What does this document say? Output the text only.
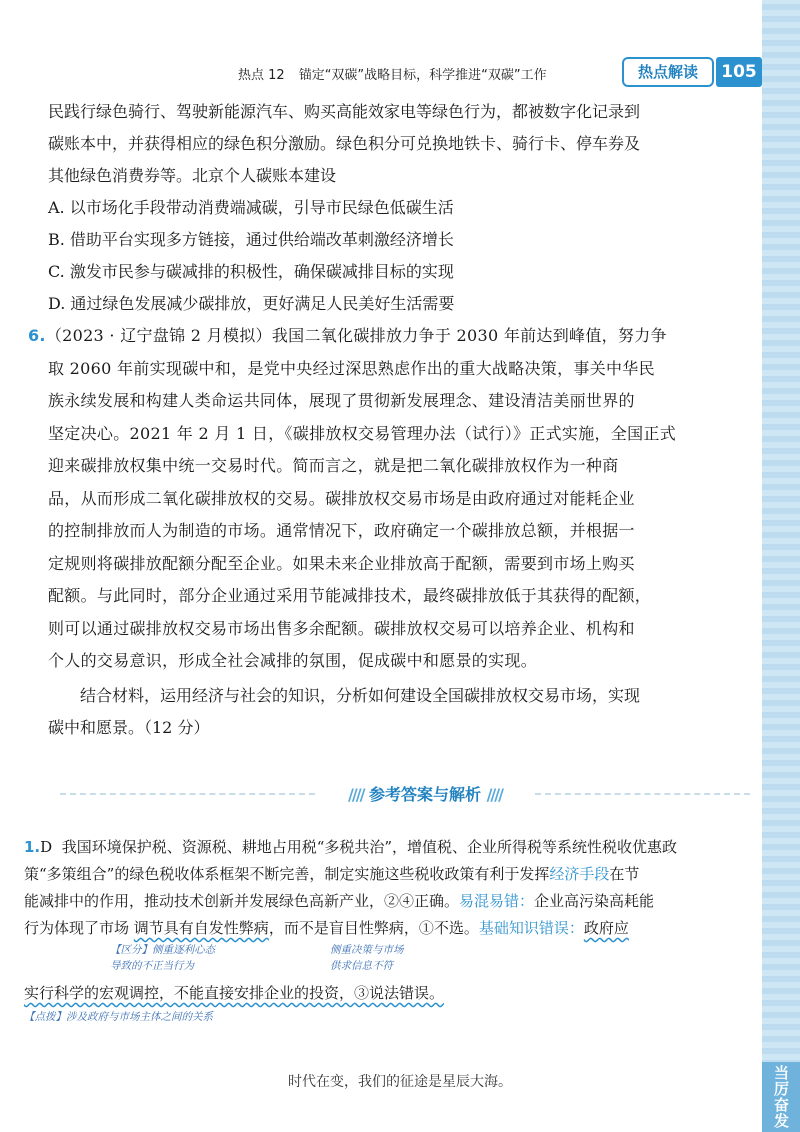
当厉奋发
热点 12 锚定“双碳”战略目标，科学推进“双碳”工作	热点解读	105

民践行绿色骑行、驾驶新能源汽车、购买高能效家电等绿色行为，都被数字化记录到

碳账本中，并获得相应的绿色积分激励。绿色积分可兑换地铁卡、骑行卡、停车券及

其他绿色消费券等。北京个人碳账本建设

A. 以市场化手段带动消费端减碳，引导市民绿色低碳生活

B. 借助平台实现多方链接，通过供给端改革刺激经济增长

C. 激发市民参与碳减排的积极性，确保碳减排目标的实现

D. 通过绿色发展减少碳排放，更好满足人民美好生活需要

6.（2023 · 辽宁盘锦 2 月模拟）我国二氧化碳排放力争于 2030 年前达到峰值，努力争

取 2060 年前实现碳中和，是党中央经过深思熟虑作出的重大战略决策，事关中华民

族永续发展和构建人类命运共同体，展现了贯彻新发展理念、建设清洁美丽世界的

坚定决心。2021 年 2 月 1 日，《碳排放权交易管理办法（试行）》正式实施，全国正式

迎来碳排放权集中统一交易时代。简而言之，就是把二氧化碳排放权作为一种商

品，从而形成二氧化碳排放权的交易。碳排放权交易市场是由政府通过对能耗企业

的控制排放而人为制造的市场。通常情况下，政府确定一个碳排放总额，并根据一

定规则将碳排放配额分配至企业。如果未来企业排放高于配额，需要到市场上购买

配额。与此同时，部分企业通过采用节能减排技术，最终碳排放低于其获得的配额，

则可以通过碳排放权交易市场出售多余配额。碳排放权交易可以培养企业、机构和

个人的交易意识，形成全社会减排的氛围，促成碳中和愿景的实现。

结合材料，运用经济与社会的知识，分析如何建设全国碳排放权交易市场，实现

碳中和愿景。（12 分）

//// 参考答案与解析 ////
1.D 我国环境保护税、资源税、耕地占用税“多税共治”，增值税、企业所得税等系统性税收优惠政
策“多策组合”的绿色税收体系框架不断完善，制定实施这些税收政策有利于发挥经济手段在节
能减排中的作用，推动技术创新并发展绿色高新产业，②④正确。易混易错：企业高污染高耗能
行为体现了市场 调节具有自发性弊病，而不是盲目性弊病，①不选。基础知识错误：政府应
【区分】侧重逐利心态
导致的不正当行为
侧重决策与市场
供求信息不符
实行科学的宏观调控，不能直接安排企业的投资，③说法错误。
【点拨】涉及政府与市场主体之间的关系
时代在变，我们的征途是星辰大海。
